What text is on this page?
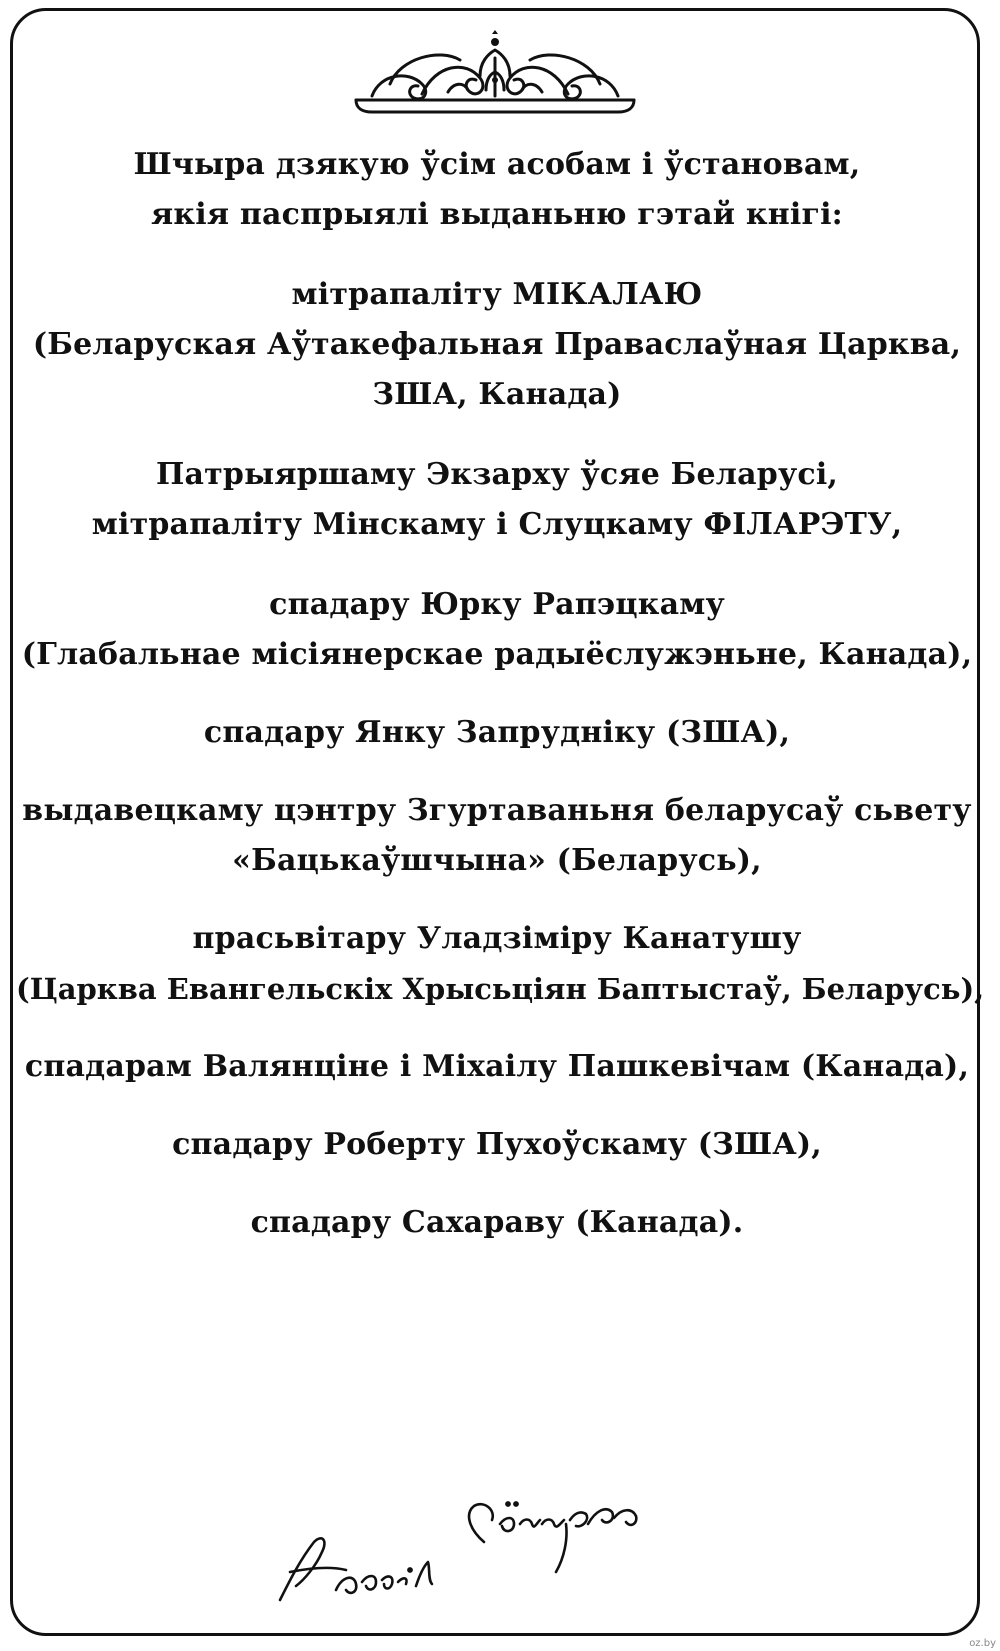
Шчыра дзякую ўсім асобам і ўстановам,
якія паспрыялі выданьню гэтай кнігі:

мітрапаліту МІКАЛАЮ
(Беларуская Аўтакефальная Праваслаўная Царква,
ЗША, Канада)

Патрыяршаму Экзарху ўсяе Беларусі,
мітрапаліту Мінскаму і Слуцкаму ФІЛАРЭТУ,

спадару Юрку Рапэцкаму
(Глабальнае місіянерскае радыёслужэньне, Канада),

спадару Янку Запрудніку (ЗША),

выдавецкаму цэнтру Згуртаваньня беларусаў сьвету
«Бацькаўшчына» (Беларусь),

прасьвітару Уладзіміру Канатушу
(Царква Евангельскіх Хрысьціян Баптыстаў, Беларусь),

спадарам Валянціне і Міхаілу Пашкевічам (Канада),

спадару Роберту Пухоўскаму (ЗША),

спадару Сахараву (Канада).

oz.by
